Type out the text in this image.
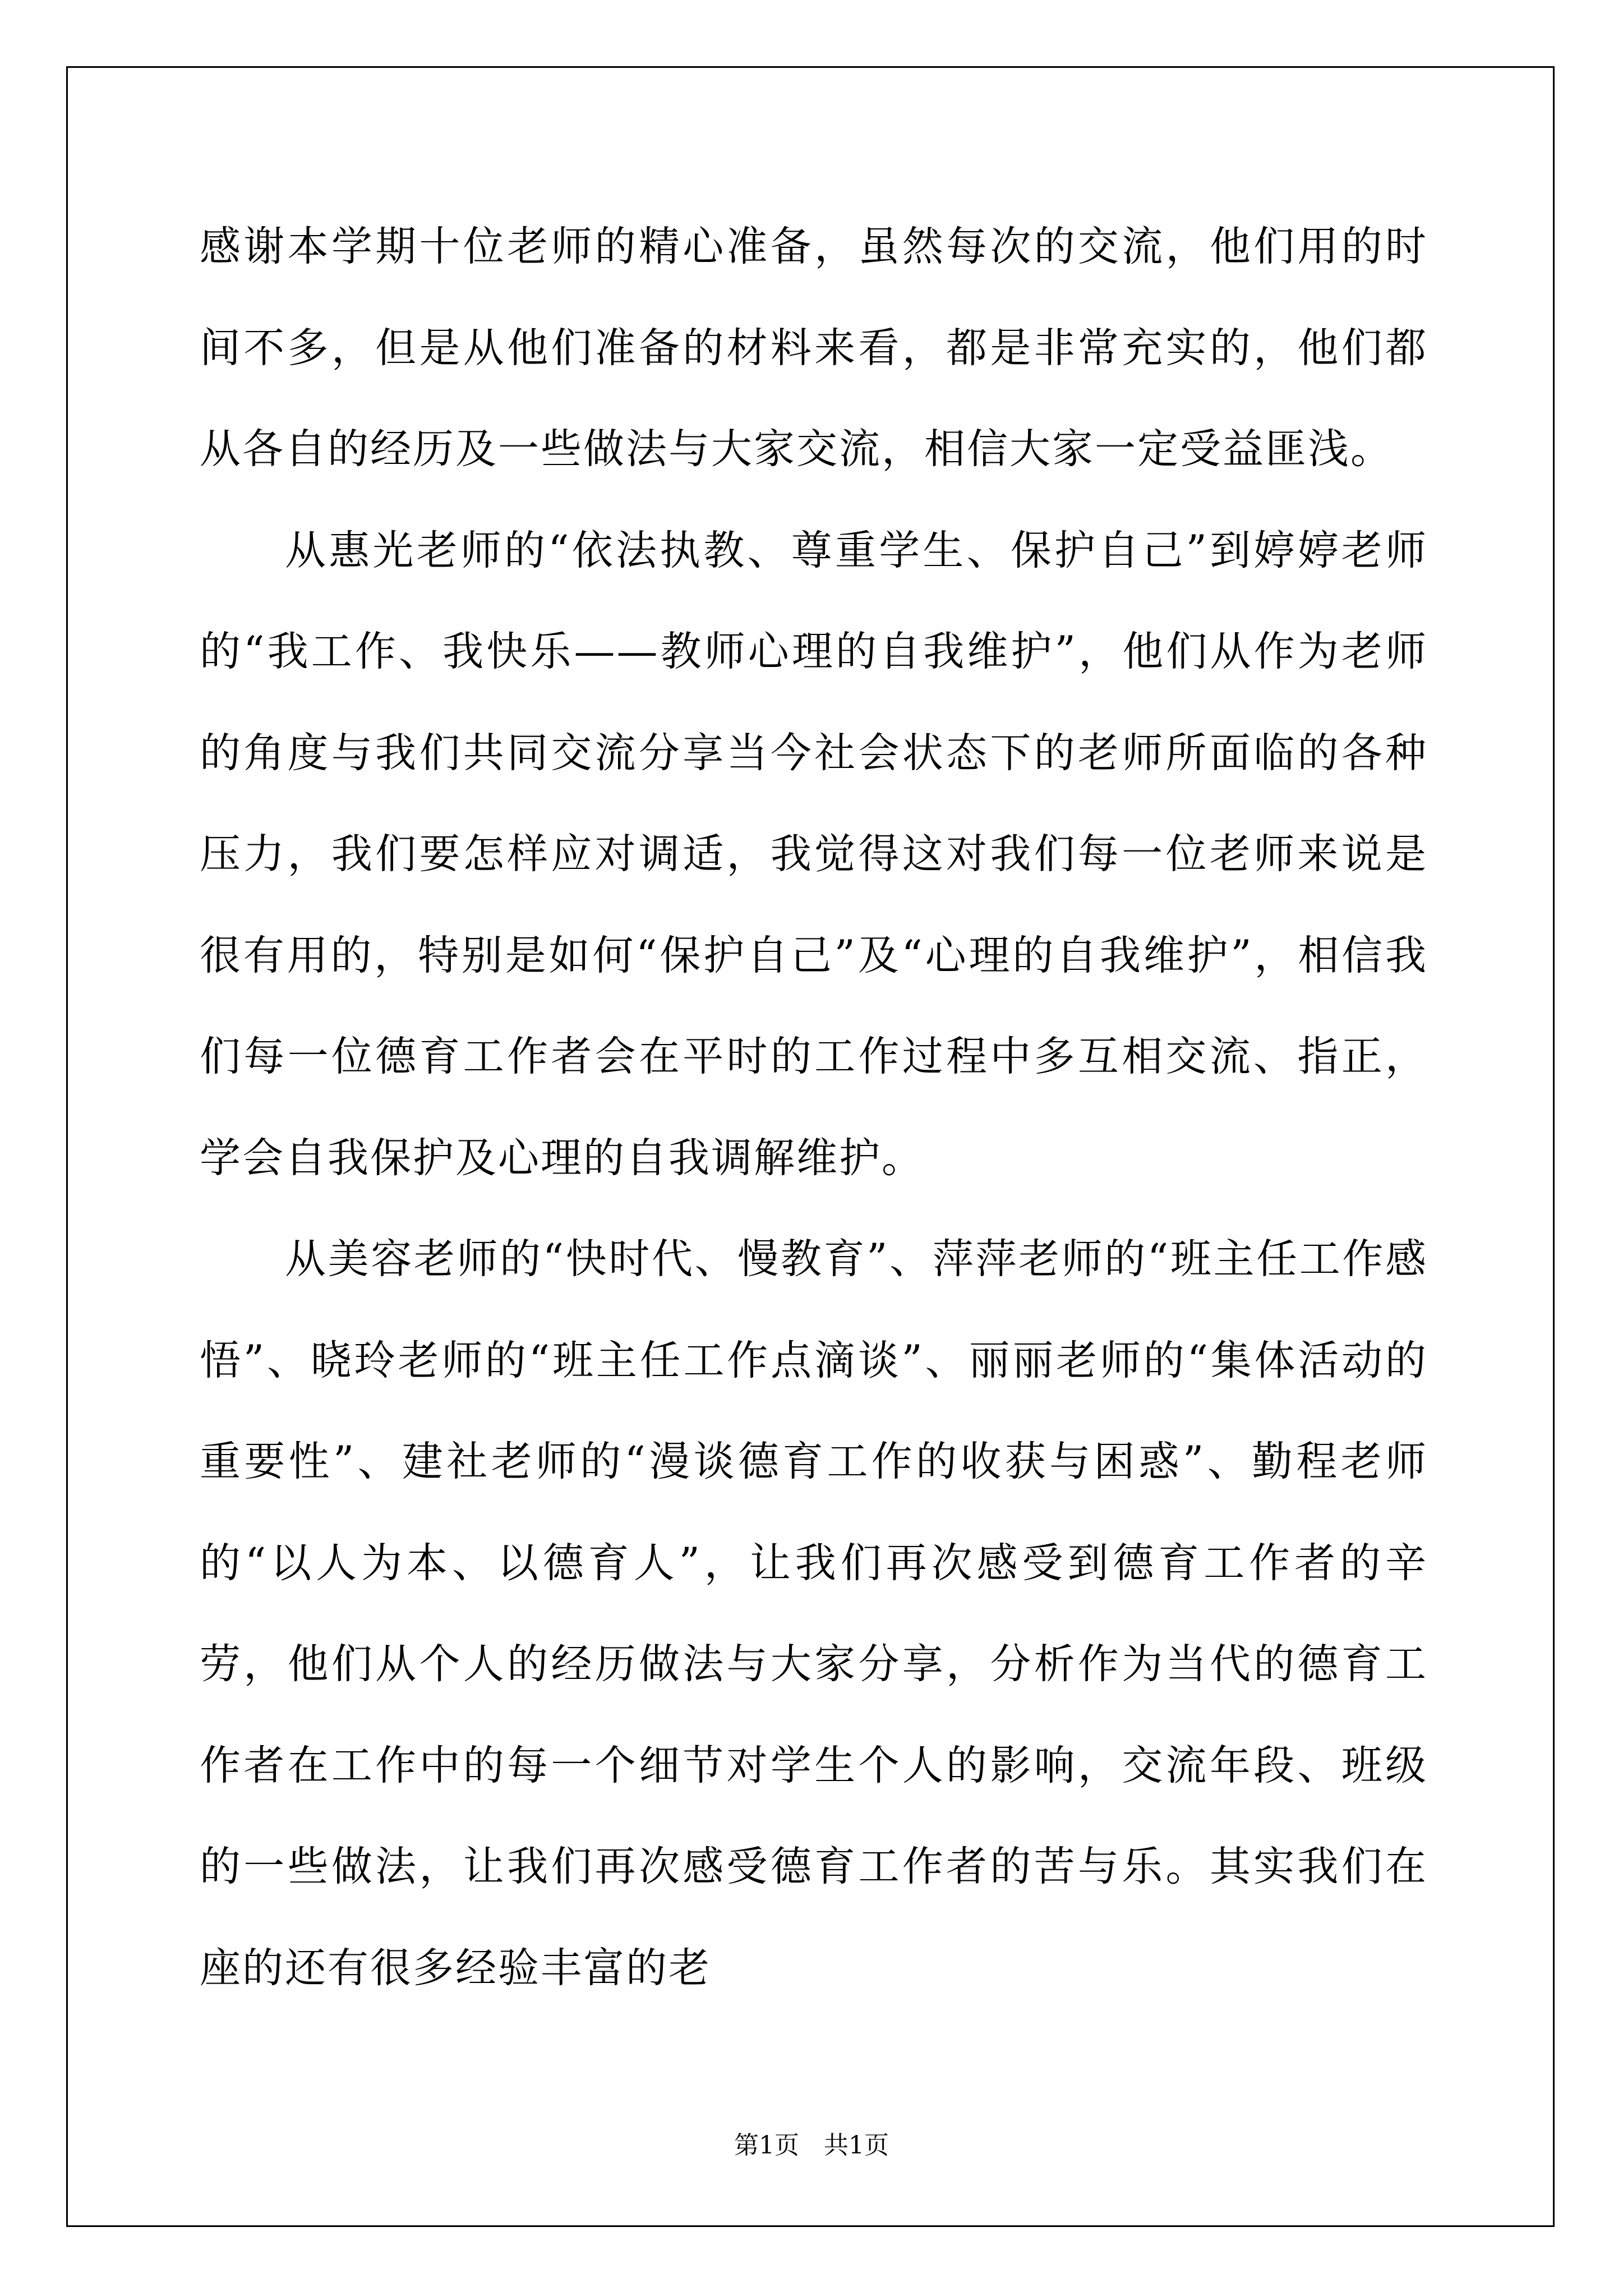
感谢本学期十位老师的精心准备，虽然每次的交流，他们用的时间不多，但是从他们准备的材料来看，都是非常充实的，他们都从各自的经历及一些做法与大家交流，相信大家一定受益匪浅。

从惠光老师的“依法执教、尊重学生、保护自己”到婷婷老师的“我工作、我快乐——教师心理的自我维护”，他们从作为老师的角度与我们共同交流分享当今社会状态下的老师所面临的各种压力，我们要怎样应对调适，我觉得这对我们每一位老师来说是很有用的，特别是如何“保护自己”及“心理的自我维护”，相信我们每一位德育工作者会在平时的工作过程中多互相交流、指正，学会自我保护及心理的自我调解维护。

从美容老师的“快时代、慢教育”、萍萍老师的“班主任工作感悟”、晓玲老师的“班主任工作点滴谈”、丽丽老师的“集体活动的重要性”、建社老师的“漫谈德育工作的收获与困惑”、勤程老师的“以人为本、以德育人”，让我们再次感受到德育工作者的辛劳，他们从个人的经历做法与大家分享，分析作为当代的德育工作者在工作中的每一个细节对学生个人的影响，交流年段、班级的一些做法，让我们再次感受德育工作者的苦与乐。其实我们在座的还有很多经验丰富的老

第1页　共1页
